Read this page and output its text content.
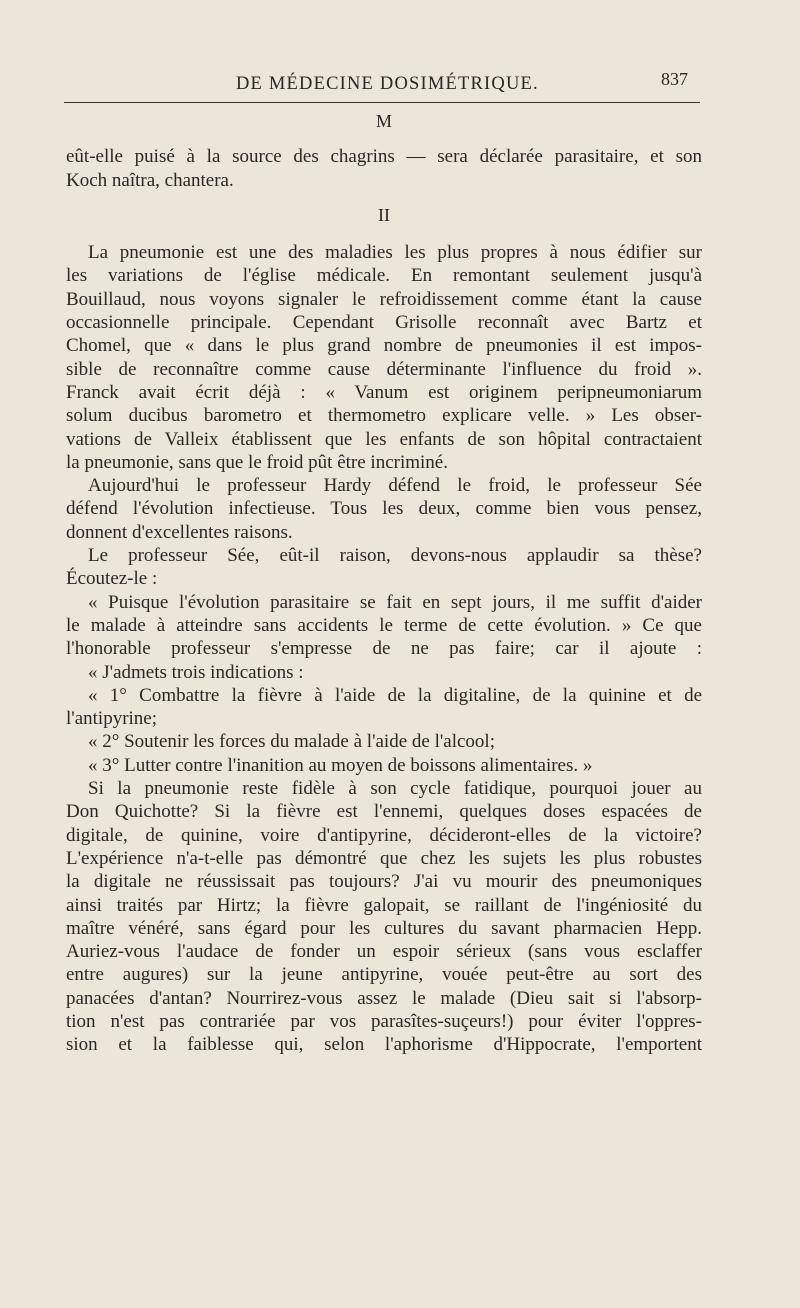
DE MÉDECINE DOSIMÉTRIQUE.	837
M
eût-elle puisé à la source des chagrins — sera déclarée parasitaire, et son
Koch naîtra, chantera.
II
La pneumonie est une des maladies les plus propres à nous édifier sur
les variations de l'église médicale. En remontant seulement jusqu'à
Bouillaud, nous voyons signaler le refroidissement comme étant la cause
occasionnelle principale. Cependant Grisolle reconnaît avec Bartz et
Chomel, que « dans le plus grand nombre de pneumonies il est impos-
sible de reconnaître comme cause déterminante l'influence du froid ».
Franck avait écrit déjà : « Vanum est originem peripneumoniarum
solum ducibus barometro et thermometro explicare velle. » Les obser-
vations de Valleix établissent que les enfants de son hôpital contractaient
la pneumonie, sans que le froid pût être incriminé.
Aujourd'hui le professeur Hardy défend le froid, le professeur Sée
défend l'évolution infectieuse. Tous les deux, comme bien vous pensez,
donnent d'excellentes raisons.
Le professeur Sée, eût-il raison, devons-nous applaudir sa thèse?
Écoutez-le :
« Puisque l'évolution parasitaire se fait en sept jours, il me suffit d'aider
le malade à atteindre sans accidents le terme de cette évolution. » Ce que
l'honorable professeur s'empresse de ne pas faire; car il ajoute :
« J'admets trois indications :
« 1° Combattre la fièvre à l'aide de la digitaline, de la quinine et de
l'antipyrine;
« 2° Soutenir les forces du malade à l'aide de l'alcool;
« 3° Lutter contre l'inanition au moyen de boissons alimentaires. »
Si la pneumonie reste fidèle à son cycle fatidique, pourquoi jouer au
Don Quichotte? Si la fièvre est l'ennemi, quelques doses espacées de
digitale, de quinine, voire d'antipyrine, décideront-elles de la victoire?
L'expérience n'a-t-elle pas démontré que chez les sujets les plus robustes
la digitale ne réussissait pas toujours? J'ai vu mourir des pneumoniques
ainsi traités par Hirtz; la fièvre galopait, se raillant de l'ingéniosité du
maître vénéré, sans égard pour les cultures du savant pharmacien Hepp.
Auriez-vous l'audace de fonder un espoir sérieux (sans vous esclaffer
entre augures) sur la jeune antipyrine, vouée peut-être au sort des
panacées d'antan? Nourrirez-vous assez le malade (Dieu sait si l'absorp-
tion n'est pas contrariée par vos parasîtes-suçeurs!) pour éviter l'oppres-
sion et la faiblesse qui, selon l'aphorisme d'Hippocrate, l'emportent
